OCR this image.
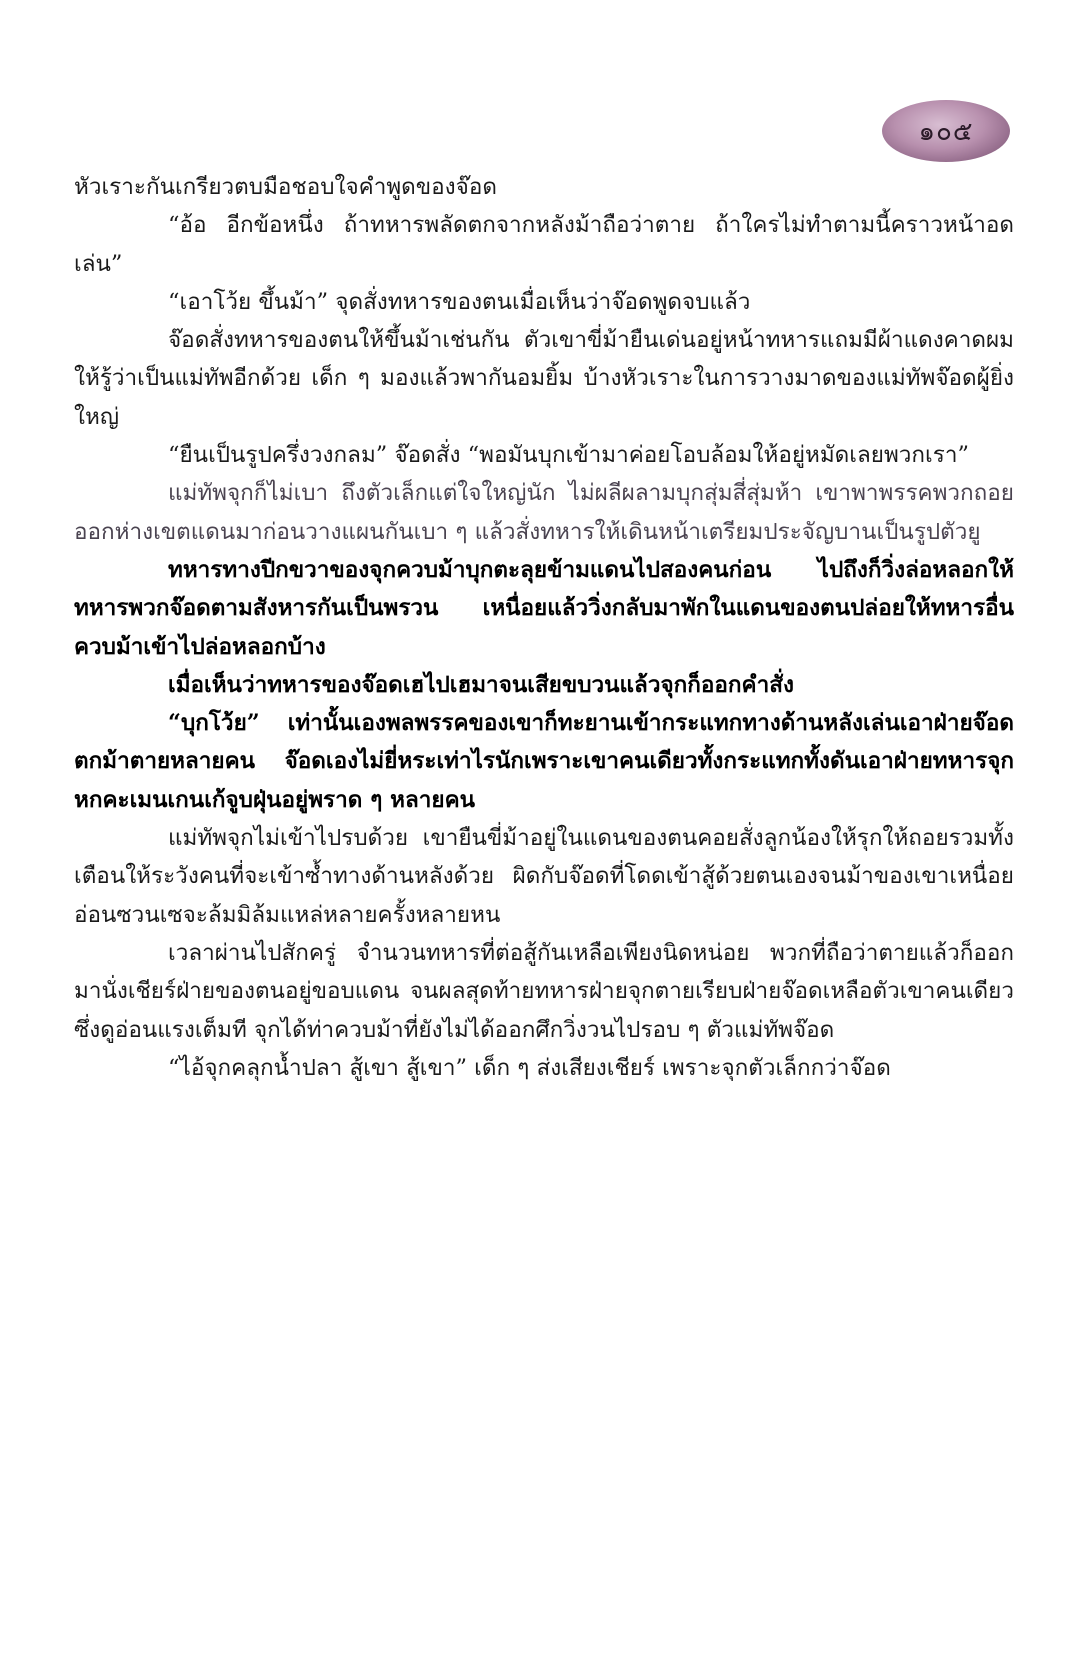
๑๐๕

หัวเราะกันเกรียวตบมือชอบใจคำพูดของจ๊อด

“อ้อ อีกข้อหนึ่ง ถ้าทหารพลัดตกจากหลังม้าถือว่าตาย ถ้าใครไม่ทำตามนี้คราวหน้าอดเล่น”

“เอาโว้ย ขึ้นม้า” จุดสั่งทหารของตนเมื่อเห็นว่าจ๊อดพูดจบแล้ว

จ๊อดสั่งทหารของตนให้ขึ้นม้าเช่นกัน ตัวเขาขี่ม้ายืนเด่นอยู่หน้าทหารแถมมีผ้าแดงคาดผมให้รู้ว่าเป็นแม่ทัพอีกด้วย เด็ก ๆ มองแล้วพากันอมยิ้ม บ้างหัวเราะในการวางมาดของแม่ทัพจ๊อดผู้ยิ่งใหญ่

“ยืนเป็นรูปครึ่งวงกลม” จ๊อดสั่ง “พอมันบุกเข้ามาค่อยโอบล้อมให้อยู่หมัดเลยพวกเรา”

แม่ทัพจุกก็ไม่เบา ถึงตัวเล็กแต่ใจใหญ่นัก ไม่ผลีผลามบุกสุ่มสี่สุ่มห้า เขาพาพรรคพวกถอยออกห่างเขตแดนมาก่อนวางแผนกันเบา ๆ แล้วสั่งทหารให้เดินหน้าเตรียมประจัญบานเป็นรูปตัวยู

ทหารทางปีกขวาของจุกควบม้าบุกตะลุยข้ามแดนไปสองคนก่อน ไปถึงก็วิ่งล่อหลอกให้ทหารพวกจ๊อดตามสังหารกันเป็นพรวน เหนื่อยแล้ววิ่งกลับมาพักในแดนของตนปล่อยให้ทหารอื่นควบม้าเข้าไปล่อหลอกบ้าง

เมื่อเห็นว่าทหารของจ๊อดเฮไปเฮมาจนเสียขบวนแล้วจุกก็ออกคำสั่ง

“บุกโว้ย” เท่านั้นเองพลพรรคของเขาก็ทะยานเข้ากระแทกทางด้านหลังเล่นเอาฝ่ายจ๊อดตกม้าตายหลายคน จ๊อดเองไม่ยี่หระเท่าไรนักเพราะเขาคนเดียวทั้งกระแทกทั้งดันเอาฝ่ายทหารจุกหกคะเมนเกนเก้จูบฝุ่นอยู่พราด ๆ หลายคน

แม่ทัพจุกไม่เข้าไปรบด้วย เขายืนขี่ม้าอยู่ในแดนของตนคอยสั่งลูกน้องให้รุกให้ถอยรวมทั้งเตือนให้ระวังคนที่จะเข้าซ้ำทางด้านหลังด้วย ผิดกับจ๊อดที่โดดเข้าสู้ด้วยตนเองจนม้าของเขาเหนื่อยอ่อนซวนเซจะล้มมิล้มแหล่หลายครั้งหลายหน

เวลาผ่านไปสักครู่ จำนวนทหารที่ต่อสู้กันเหลือเพียงนิดหน่อย พวกที่ถือว่าตายแล้วก็ออกมานั่งเชียร์ฝ่ายของตนอยู่ขอบแดน จนผลสุดท้ายทหารฝ่ายจุกตายเรียบฝ่ายจ๊อดเหลือตัวเขาคนเดียวซึ่งดูอ่อนแรงเต็มที จุกได้ท่าควบม้าที่ยังไม่ได้ออกศึกวิ่งวนไปรอบ ๆ ตัวแม่ทัพจ๊อด

“ไอ้จุกคลุกน้ำปลา สู้เขา สู้เขา” เด็ก ๆ ส่งเสียงเชียร์ เพราะจุกตัวเล็กกว่าจ๊อด
